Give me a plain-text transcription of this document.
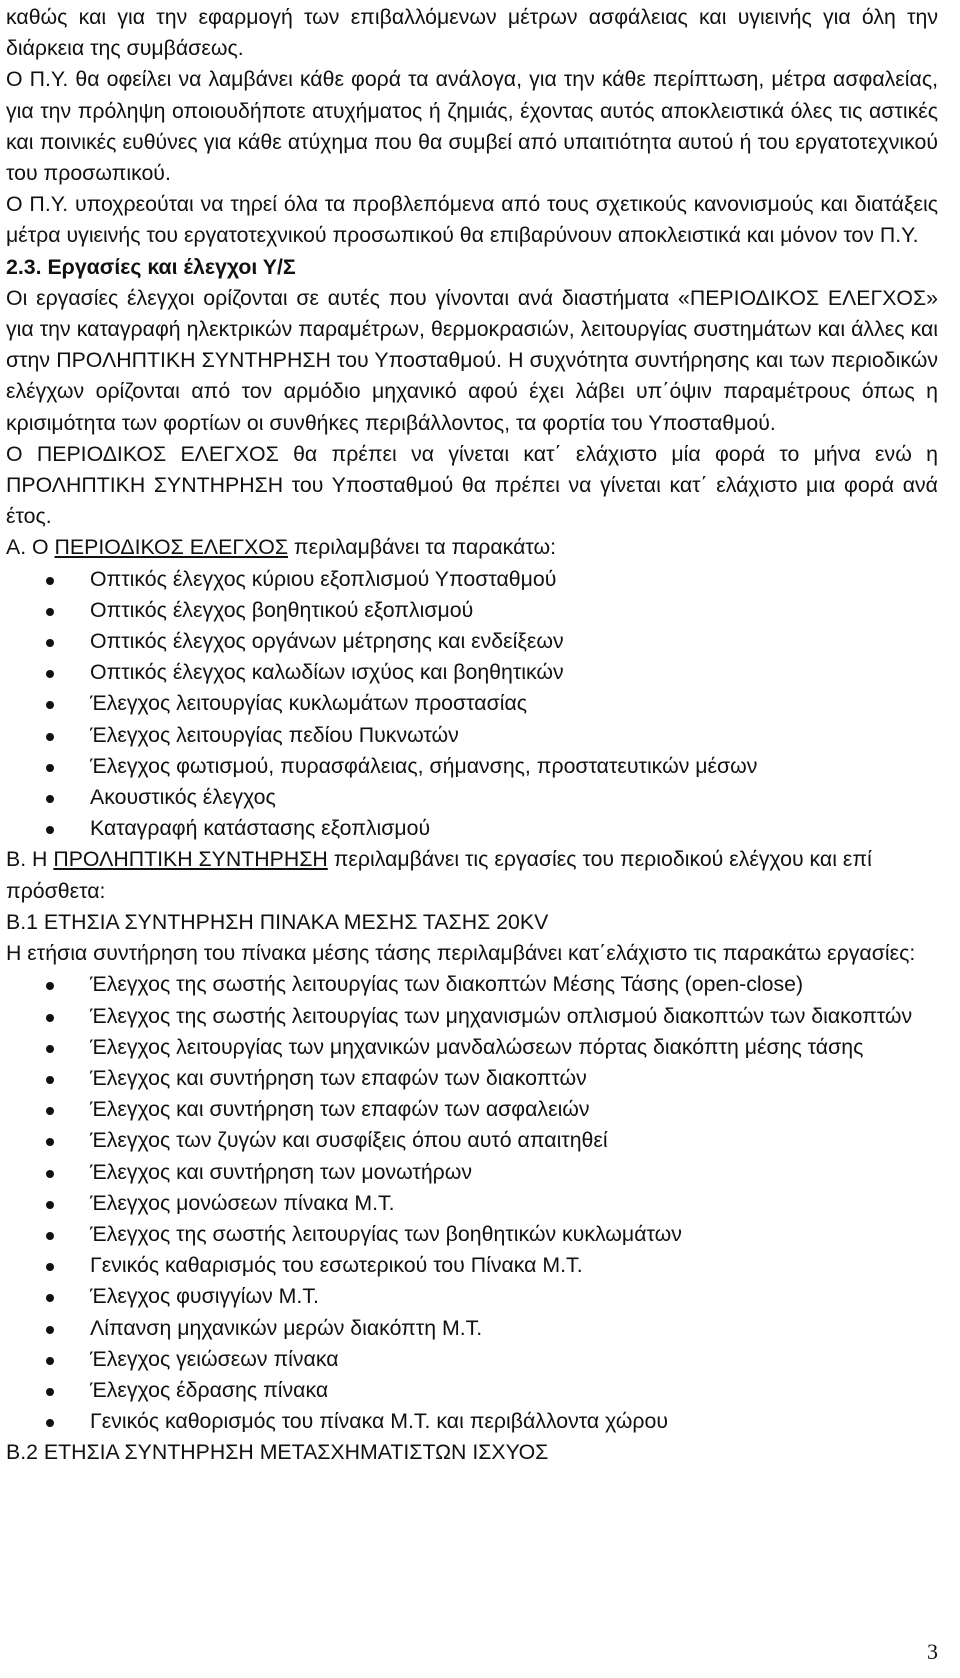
καθώς και για την εφαρμογή των επιβαλλόμενων μέτρων ασφάλειας και υγιεινής για όλη την διάρκεια της συμβάσεως.

Ο Π.Υ. θα οφείλει να λαμβάνει κάθε φορά τα ανάλογα, για την κάθε περίπτωση, μέτρα ασφαλείας, για την πρόληψη οποιουδήποτε ατυχήματος ή ζημιάς, έχοντας αυτός αποκλειστικά όλες τις αστικές και ποινικές ευθύνες για κάθε ατύχημα που θα συμβεί από υπαιτιότητα αυτού ή του εργατοτεχνικού του προσωπικού.

Ο Π.Υ. υποχρεούται να τηρεί όλα τα προβλεπόμενα από τους σχετικούς κανονισμούς και διατάξεις μέτρα υγιεινής του εργατοτεχνικού προσωπικού θα επιβαρύνουν αποκλειστικά και μόνον τον Π.Υ.

2.3. Εργασίες και έλεγχοι Υ/Σ

Οι εργασίες έλεγχοι ορίζονται σε αυτές που γίνονται ανά διαστήματα «ΠΕΡΙΟΔΙΚΟΣ ΕΛΕΓΧΟΣ» για την καταγραφή ηλεκτρικών παραμέτρων, θερμοκρασιών, λειτουργίας συστημάτων και άλλες και στην ΠΡΟΛΗΠΤΙΚΗ ΣΥΝΤΗΡΗΣΗ του Υποσταθμού. Η συχνότητα συντήρησης και των περιοδικών ελέγχων ορίζονται από τον αρμόδιο μηχανικό αφού έχει λάβει υπ΄όψιν παραμέτρους όπως η κρισιμότητα των φορτίων οι συνθήκες περιβάλλοντος, τα φορτία του Υποσταθμού.

Ο ΠΕΡΙΟΔΙΚΟΣ ΕΛΕΓΧΟΣ θα πρέπει να γίνεται κατ΄ ελάχιστο μία φορά το μήνα ενώ η ΠΡΟΛΗΠΤΙΚΗ ΣΥΝΤΗΡΗΣΗ του Υποσταθμού θα πρέπει να γίνεται κατ΄ ελάχιστο μια φορά ανά έτος.

Α. Ο ΠΕΡΙΟΔΙΚΟΣ ΕΛΕΓΧΟΣ περιλαμβάνει τα παρακάτω:

Οπτικός έλεγχος κύριου εξοπλισμού Υποσταθμού
Οπτικός έλεγχος βοηθητικού εξοπλισμού
Οπτικός έλεγχος οργάνων μέτρησης και ενδείξεων
Οπτικός έλεγχος καλωδίων ισχύος και βοηθητικών
Έλεγχος λειτουργίας κυκλωμάτων προστασίας
Έλεγχος λειτουργίας πεδίου Πυκνωτών
Έλεγχος φωτισμού, πυρασφάλειας, σήμανσης, προστατευτικών μέσων
Ακουστικός έλεγχος
Καταγραφή κατάστασης εξοπλισμού

Β. Η ΠΡΟΛΗΠΤΙΚΗ ΣΥΝΤΗΡΗΣΗ περιλαμβάνει τις εργασίες του περιοδικού ελέγχου και επί πρόσθετα:

Β.1 ΕΤΗΣΙΑ ΣΥΝΤΗΡΗΣΗ ΠΙΝΑΚΑ ΜΕΣΗΣ ΤΑΣΗΣ 20KV

Η ετήσια συντήρηση του πίνακα μέσης τάσης περιλαμβάνει κατ΄ελάχιστο τις παρακάτω εργασίες:

Έλεγχος της σωστής λειτουργίας των διακοπτών Μέσης Τάσης (open-close)
Έλεγχος της σωστής λειτουργίας των μηχανισμών οπλισμού διακοπτών των διακοπτών
Έλεγχος λειτουργίας των μηχανικών μανδαλώσεων πόρτας διακόπτη μέσης τάσης
Έλεγχος και συντήρηση των επαφών των διακοπτών
Έλεγχος και συντήρηση των επαφών των ασφαλειών
Έλεγχος των ζυγών και συσφίξεις όπου αυτό απαιτηθεί
Έλεγχος και συντήρηση των μονωτήρων
Έλεγχος μονώσεων πίνακα Μ.Τ.
Έλεγχος της σωστής λειτουργίας των βοηθητικών κυκλωμάτων
Γενικός καθαρισμός του εσωτερικού του Πίνακα Μ.Τ.
Έλεγχος φυσιγγίων Μ.Τ.
Λίπανση μηχανικών μερών διακόπτη Μ.Τ.
Έλεγχος γειώσεων πίνακα
Έλεγχος έδρασης πίνακα
Γενικός καθορισμός του πίνακα Μ.Τ. και περιβάλλοντα χώρου

Β.2 ΕΤΗΣΙΑ ΣΥΝΤΗΡΗΣΗ ΜΕΤΑΣΧΗΜΑΤΙΣΤΩΝ ΙΣΧΥΟΣ

3
